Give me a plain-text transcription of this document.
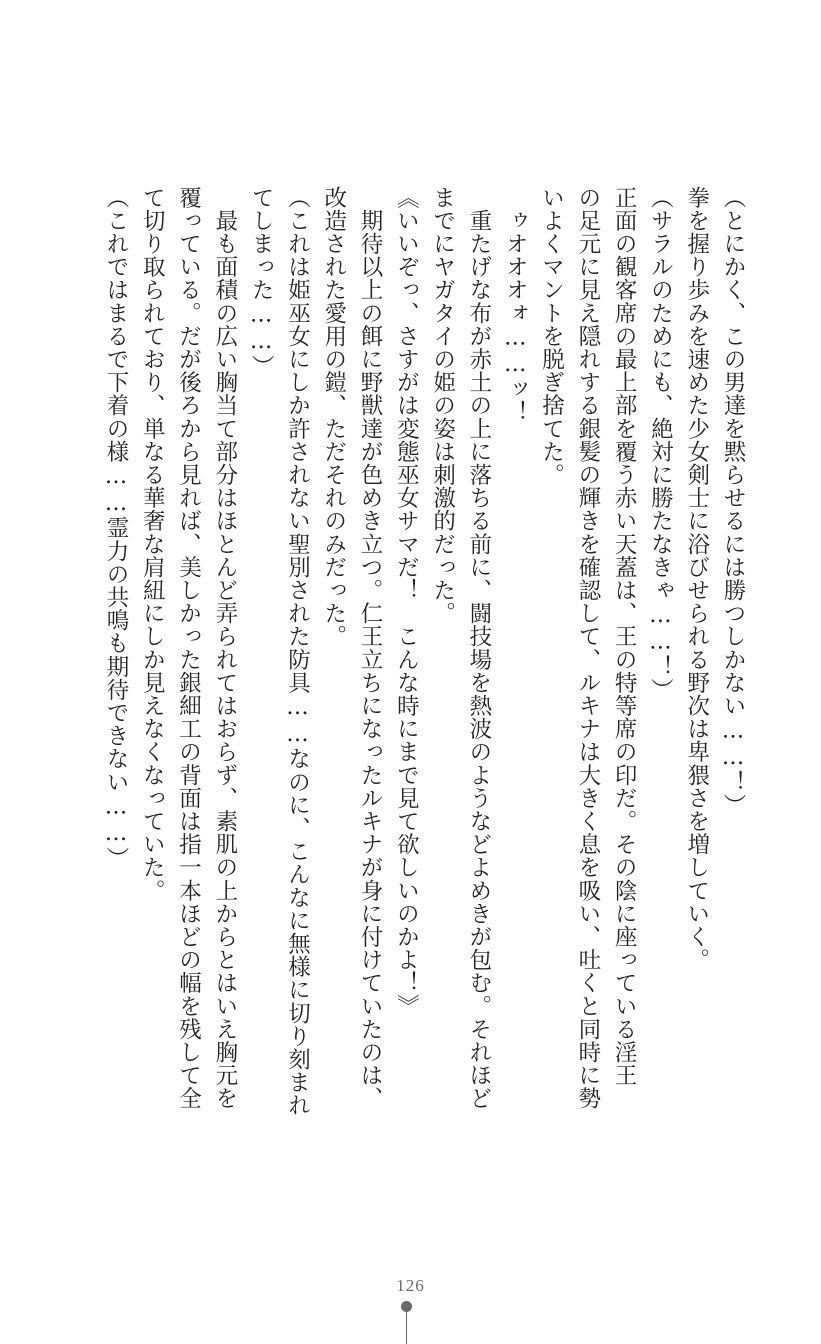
（とにかく、この男達を黙らせるには勝つしかない……！）
拳を握り歩みを速めた少女剣士に浴びせられる野次は卑猥さを増していく。
（サラルのためにも、絶対に勝たなきゃ……！）
正面の観客席の最上部を覆う赤い天蓋は、王の特等席の印だ。その陰に座っている淫王
の足元に見え隠れする銀髪の輝きを確認して、ルキナは大きく息を吸い、吐くと同時に勢
いよくマントを脱ぎ捨てた。
　ゥオオオォ……ッ！
　重たげな布が赤土の上に落ちる前に、闘技場を熱波のようなどよめきが包む。それほど
までにヤガタイの姫の姿は刺激的だった。
《いいぞっ、さすがは変態巫女サマだ！　こんな時にまで見て欲しいのかよ！》
　期待以上の餌に野獣達が色めき立つ。仁王立ちになったルキナが身に付けていたのは、
改造された愛用の鎧、ただそれのみだった。
（これは姫巫女にしか許されない聖別された防具……なのに、こんなに無様に切り刻まれ
てしまった……）
　最も面積の広い胸当て部分はほとんど弄られてはおらず、素肌の上からとはいえ胸元を
覆っている。だが後ろから見れば、美しかった銀細工の背面は指一本ほどの幅を残して全
て切り取られており、単なる華奢な肩紐にしか見えなくなっていた。
（これではまるで下着の様……霊力の共鳴も期待できない……）
126
